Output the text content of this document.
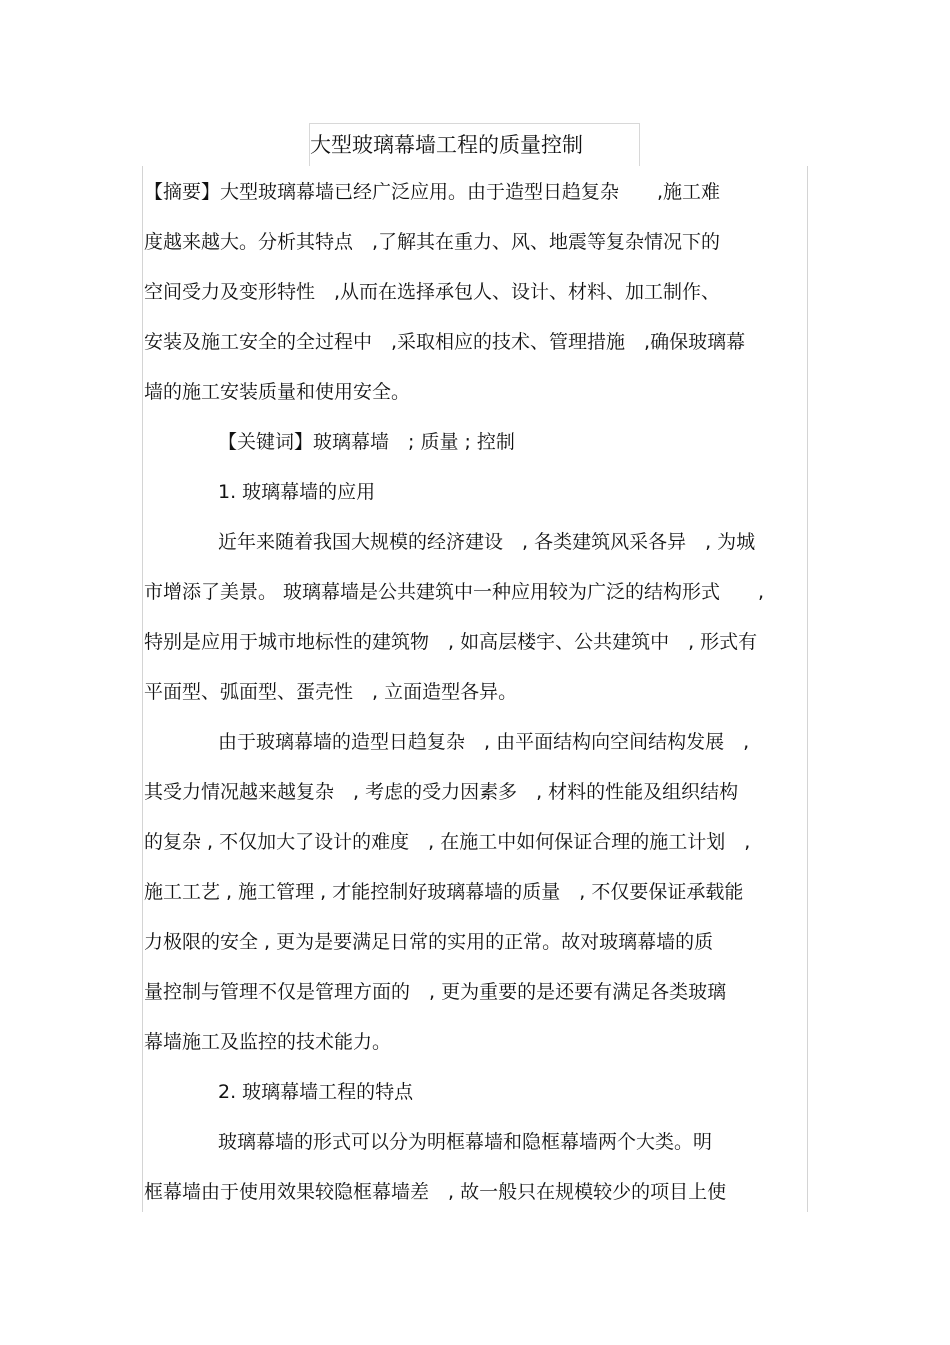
大型玻璃幕墙工程的质量控制
【摘要】大型玻璃幕墙已经广泛应用。由于造型日趋复杂　　,施工难
度越来越大。分析其特点　,了解其在重力、风、地震等复杂情况下的
空间受力及变形特性　,从而在选择承包人、设计、材料、加工制作、
安装及施工安全的全过程中　,采取相应的技术、管理措施　,确保玻璃幕
墙的施工安装质量和使用安全。
【关键词】玻璃幕墙　; 质量 ; 控制
1. 玻璃幕墙的应用
近年来随着我国大规模的经济建设　, 各类建筑风采各异　, 为城
市增添了美景。 玻璃幕墙是公共建筑中一种应用较为广泛的结构形式　　,
特别是应用于城市地标性的建筑物　, 如高层楼宇、公共建筑中　, 形式有
平面型、弧面型、蛋壳性　, 立面造型各异。
由于玻璃幕墙的造型日趋复杂　, 由平面结构向空间结构发展　,
其受力情况越来越复杂　, 考虑的受力因素多　, 材料的性能及组织结构
的复杂 , 不仅加大了设计的难度　, 在施工中如何保证合理的施工计划　,
施工工艺 , 施工管理 , 才能控制好玻璃幕墙的质量　, 不仅要保证承载能
力极限的安全 , 更为是要满足日常的实用的正常。故对玻璃幕墙的质
量控制与管理不仅是管理方面的　, 更为重要的是还要有满足各类玻璃
幕墙施工及监控的技术能力。
2. 玻璃幕墙工程的特点
玻璃幕墙的形式可以分为明框幕墙和隐框幕墙两个大类。明
框幕墙由于使用效果较隐框幕墙差　, 故一般只在规模较少的项目上使
